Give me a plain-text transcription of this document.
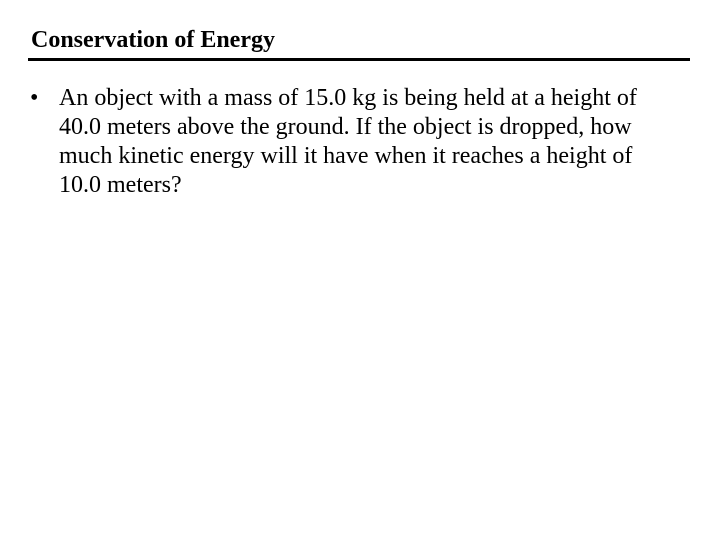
Conservation of Energy
• An object with a mass of 15.0 kg is being held at a height of 40.0 meters above the ground. If the object is dropped, how much kinetic energy will it have when it reaches a height of 10.0 meters?
